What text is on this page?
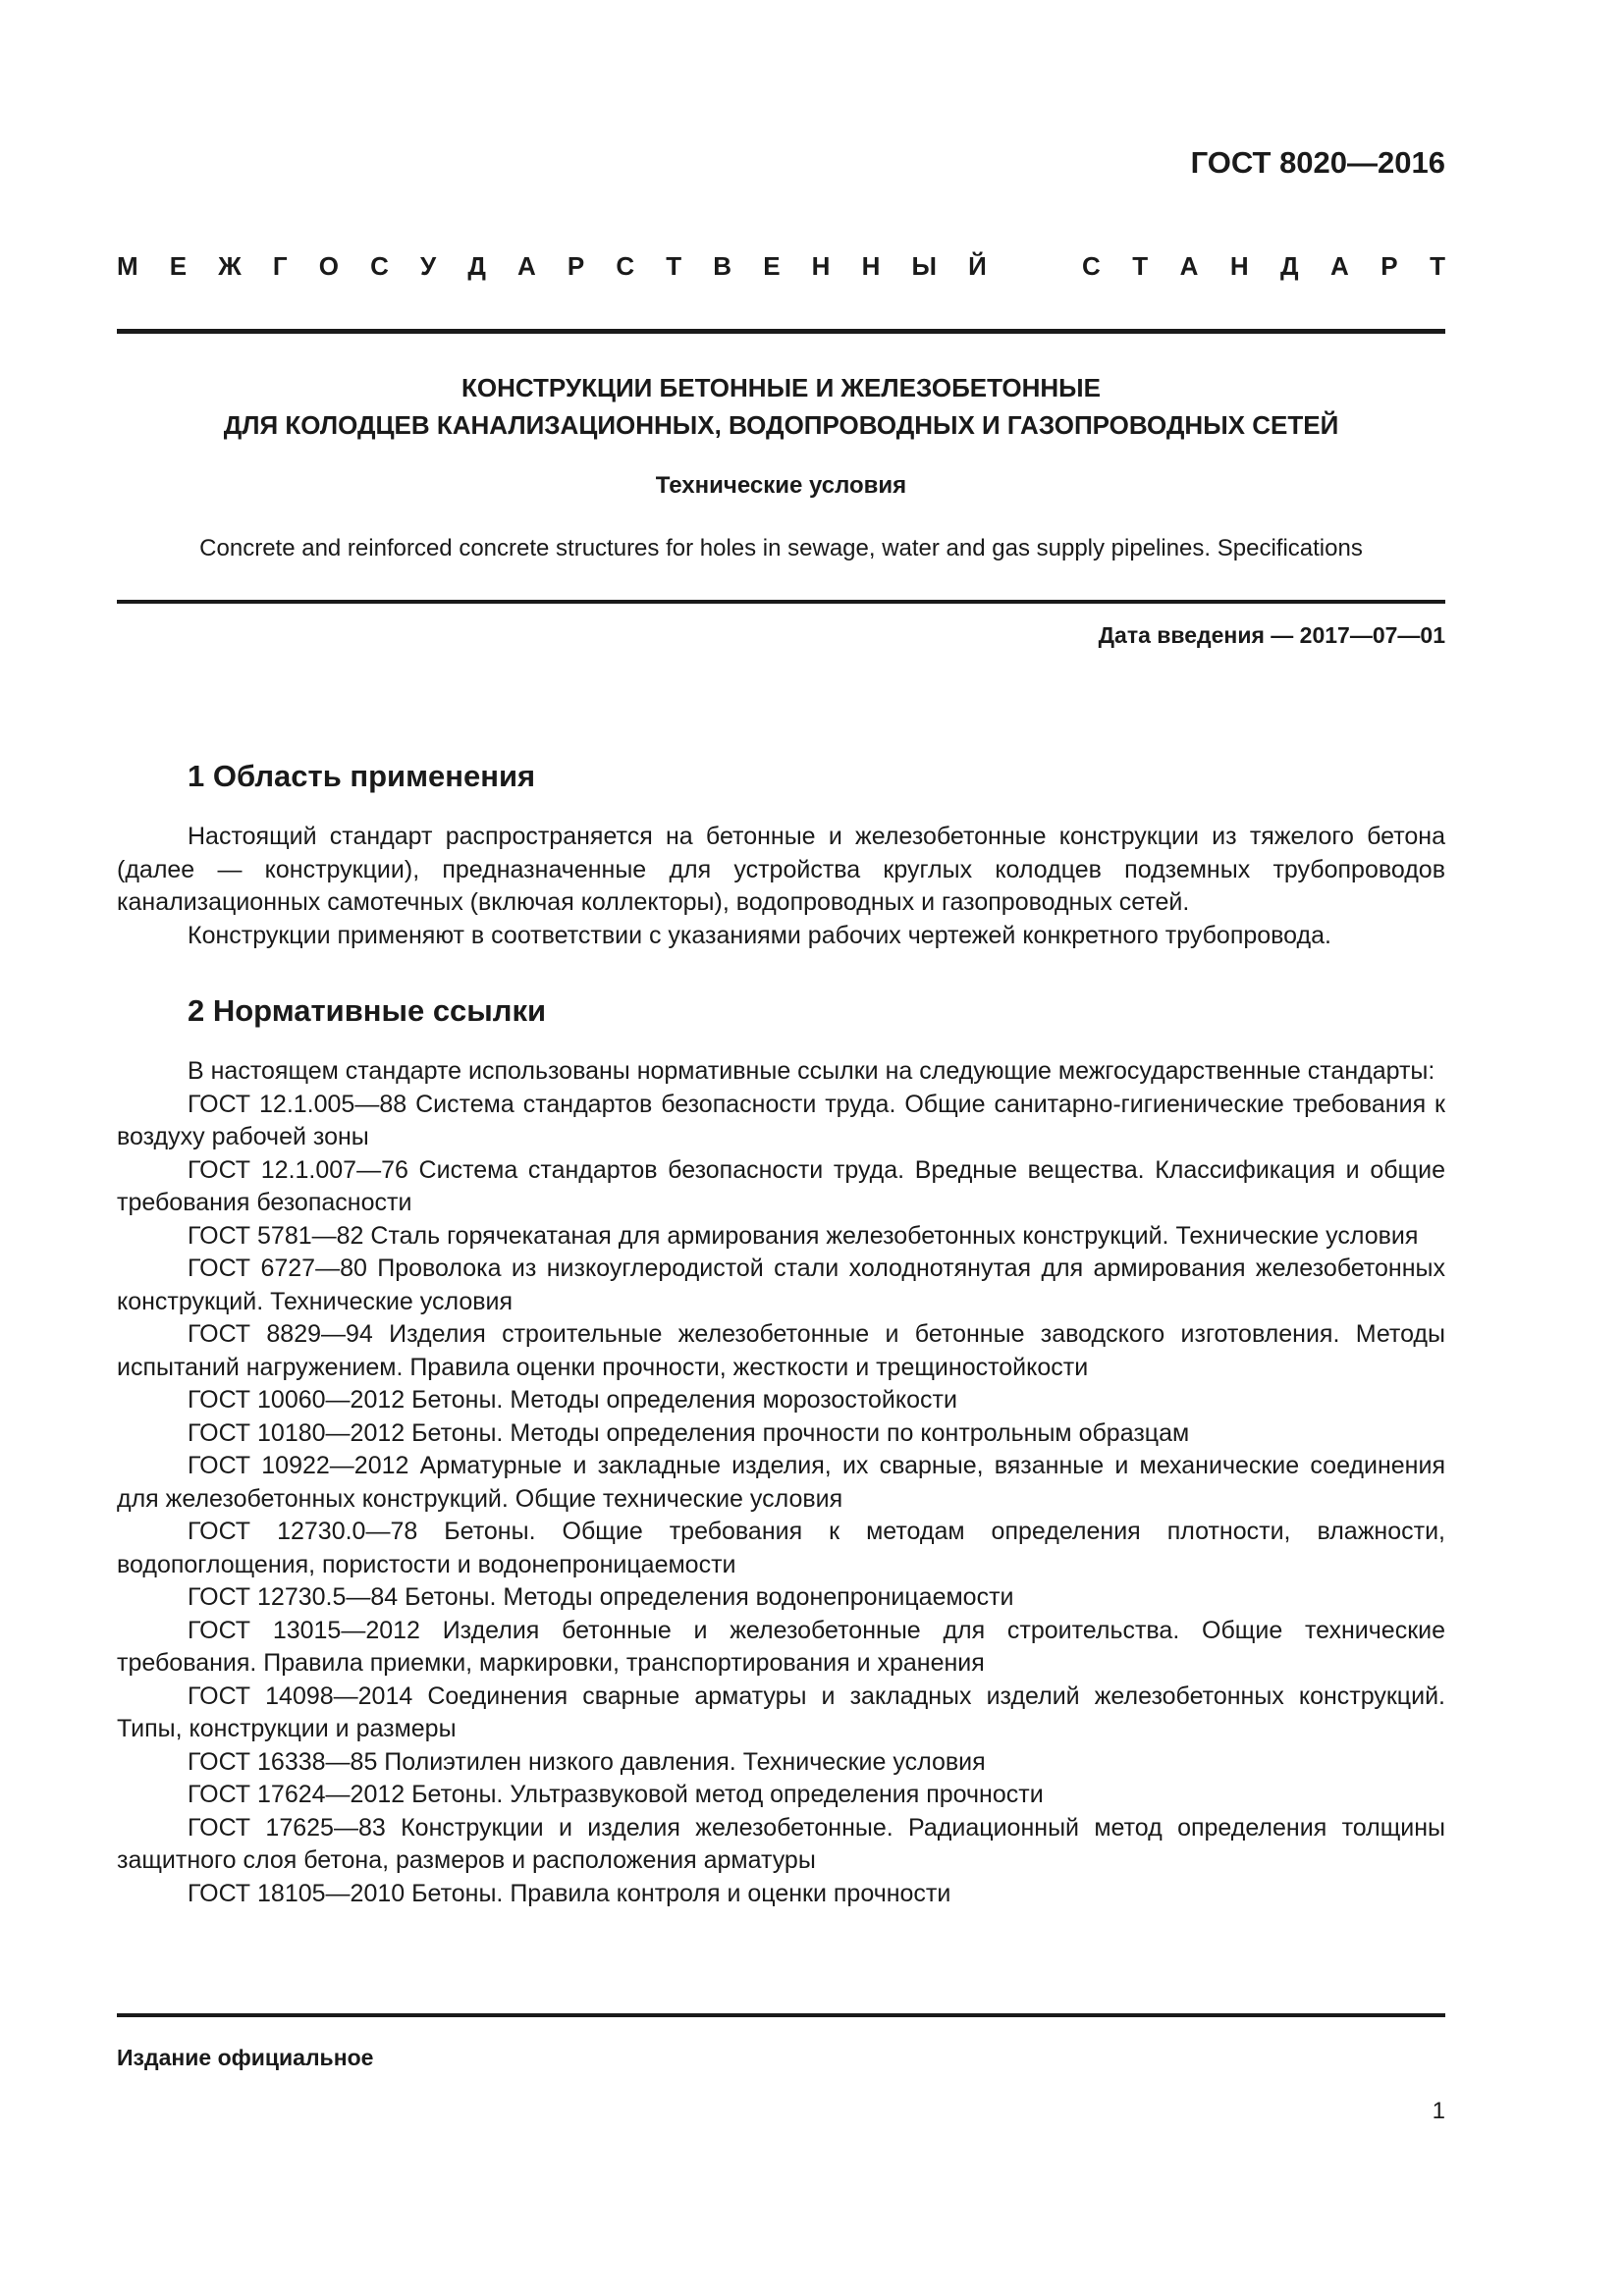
ГОСТ 8020—2016
М Е Ж Г О С У Д А Р С Т В Е Н Н Ы Й	С Т А Н Д А Р Т
КОНСТРУКЦИИ БЕТОННЫЕ И ЖЕЛЕЗОБЕТОННЫЕ
ДЛЯ КОЛОДЦЕВ КАНАЛИЗАЦИОННЫХ, ВОДОПРОВОДНЫХ И ГАЗОПРОВОДНЫХ СЕТЕЙ
Технические условия
Concrete and reinforced concrete structures for holes in sewage, water and gas supply pipelines. Specifications
Дата введения — 2017—07—01
1 Область применения
Настоящий стандарт распространяется на бетонные и железобетонные конструкции из тяжелого бетона (далее — конструкции), предназначенные для устройства круглых колодцев подземных трубопроводов канализационных самотечных (включая коллекторы), водопроводных и газопроводных сетей.
Конструкции применяют в соответствии с указаниями рабочих чертежей конкретного трубопровода.
2 Нормативные ссылки
В настоящем стандарте использованы нормативные ссылки на следующие межгосударственные стандарты:
ГОСТ 12.1.005—88 Система стандартов безопасности труда. Общие санитарно-гигиенические требования к воздуху рабочей зоны
ГОСТ 12.1.007—76 Система стандартов безопасности труда. Вредные вещества. Классификация и общие требования безопасности
ГОСТ 5781—82 Сталь горячекатаная для армирования железобетонных конструкций. Технические условия
ГОСТ 6727—80 Проволока из низкоуглеродистой стали холоднотянутая для армирования железобетонных конструкций. Технические условия
ГОСТ 8829—94 Изделия строительные железобетонные и бетонные заводского изготовления. Методы испытаний нагружением. Правила оценки прочности, жесткости и трещиностойкости
ГОСТ 10060—2012 Бетоны. Методы определения морозостойкости
ГОСТ 10180—2012 Бетоны. Методы определения прочности по контрольным образцам
ГОСТ 10922—2012 Арматурные и закладные изделия, их сварные, вязанные и механические соединения для железобетонных конструкций. Общие технические условия
ГОСТ 12730.0—78 Бетоны. Общие требования к методам определения плотности, влажности, водопоглощения, пористости и водонепроницаемости
ГОСТ 12730.5—84 Бетоны. Методы определения водонепроницаемости
ГОСТ 13015—2012 Изделия бетонные и железобетонные для строительства. Общие технические требования. Правила приемки, маркировки, транспортирования и хранения
ГОСТ 14098—2014 Соединения сварные арматуры и закладных изделий железобетонных конструкций. Типы, конструкции и размеры
ГОСТ 16338—85 Полиэтилен низкого давления. Технические условия
ГОСТ 17624—2012 Бетоны. Ультразвуковой метод определения прочности
ГОСТ 17625—83 Конструкции и изделия железобетонные. Радиационный метод определения толщины защитного слоя бетона, размеров и расположения арматуры
ГОСТ 18105—2010 Бетоны. Правила контроля и оценки прочности
Издание официальное
1
